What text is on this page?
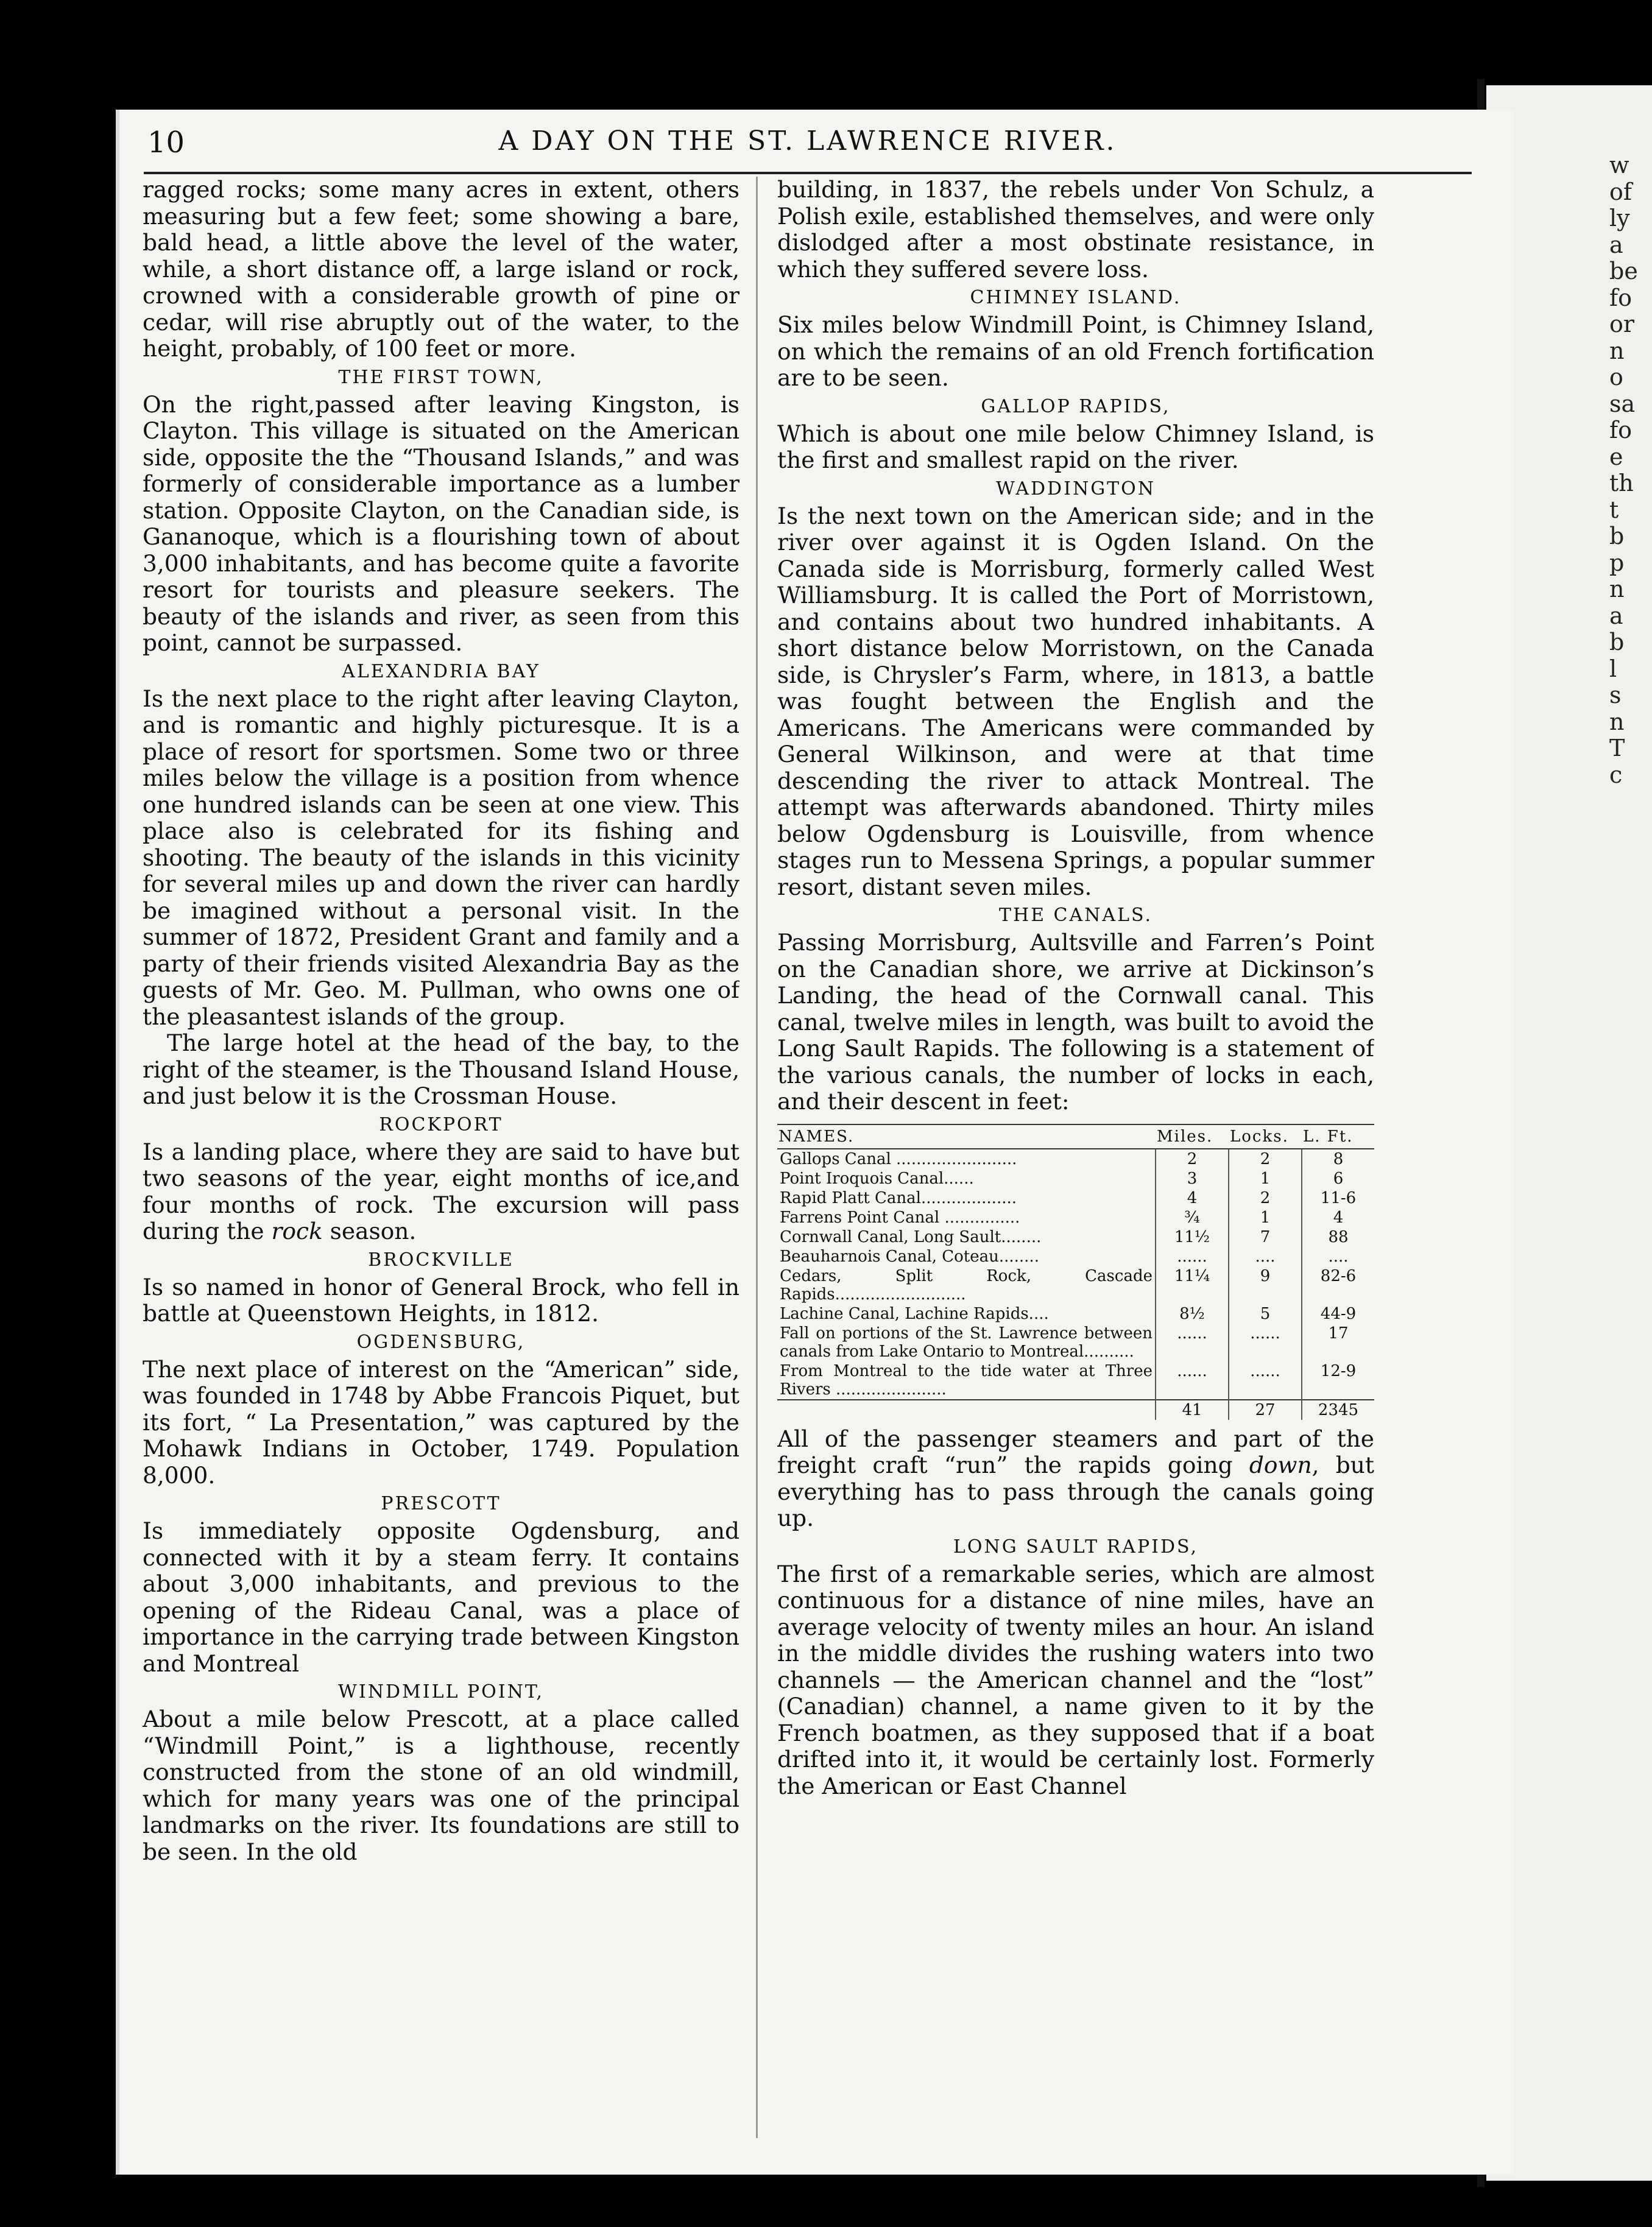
w
of
ly
a
be
fo
or
n
o
sa
fo
e
th
t
b
p
n
a
b
l
s
n
T
c
10	A DAY ON THE ST. LAWRENCE RIVER.

ragged rocks; some many acres in extent, others measuring but a few feet; some showing a bare, bald head, a little above the level of the water, while, a short distance off, a large island or rock, crowned with a considerable growth of pine or cedar, will rise abruptly out of the water, to the height, probably, of 100 feet or more.

THE FIRST TOWN,

On the right,passed after leaving Kingston, is Clayton. This village is situated on the American side, opposite the the “Thousand Islands,” and was formerly of considerable importance as a lumber station. Opposite Clayton, on the Canadian side, is Gananoque, which is a flourishing town of about 3,000 inhabitants, and has become quite a favorite resort for tourists and pleasure seekers. The beauty of the islands and river, as seen from this point, cannot be surpassed.

ALEXANDRIA BAY

Is the next place to the right after leaving Clayton, and is romantic and highly picturesque. It is a place of resort for sportsmen. Some two or three miles below the village is a position from whence one hundred islands can be seen at one view. This place also is celebrated for its fishing and shooting. The beauty of the islands in this vicinity for several miles up and down the river can hardly be imagined without a personal visit. In the summer of 1872, President Grant and family and a party of their friends visited Alexandria Bay as the guests of Mr. Geo. M. Pullman, who owns one of the pleasantest islands of the group.

The large hotel at the head of the bay, to the right of the steamer, is the Thousand Island House, and just below it is the Crossman House.

ROCKPORT

Is a landing place, where they are said to have but two seasons of the year, eight months of ice,and four months of rock. The excursion will pass during the rock season.

BROCKVILLE

Is so named in honor of General Brock, who fell in battle at Queenstown Heights, in 1812.

OGDENSBURG,

The next place of interest on the “American” side, was founded in 1748 by Abbe Francois Piquet, but its fort, “ La Presentation,” was captured by the Mohawk Indians in October, 1749. Population 8,000.

PRESCOTT

Is immediately opposite Ogdensburg, and connected with it by a steam ferry. It contains about 3,000 inhabitants, and previous to the opening of the Rideau Canal, was a place of importance in the carrying trade between Kingston and Montreal

WINDMILL POINT,

About a mile below Prescott, at a place called “Windmill Point,” is a lighthouse, recently constructed from the stone of an old windmill, which for many years was one of the principal landmarks on the river. Its foundations are still to be seen. In the old

building, in 1837, the rebels under Von Schulz, a Polish exile, established themselves, and were only dislodged after a most obstinate resistance, in which they suffered severe loss.

CHIMNEY ISLAND.

Six miles below Windmill Point, is Chimney Island, on which the remains of an old French fortification are to be seen.

GALLOP RAPIDS,

Which is about one mile below Chimney Island, is the first and smallest rapid on the river.

WADDINGTON

Is the next town on the American side; and in the river over against it is Ogden Island. On the Canada side is Morrisburg, formerly called West Williamsburg. It is called the Port of Morristown, and contains about two hundred inhabitants. A short distance below Morristown, on the Canada side, is Chrysler’s Farm, where, in 1813, a battle was fought between the English and the Americans. The Americans were commanded by General Wilkinson, and were at that time descending the river to attack Montreal. The attempt was afterwards abandoned. Thirty miles below Ogdensburg is Louisville, from whence stages run to Messena Springs, a popular summer resort, distant seven miles.

THE CANALS.

Passing Morrisburg, Aultsville and Farren’s Point on the Canadian shore, we arrive at Dickinson’s Landing, the head of the Cornwall canal. This canal, twelve miles in length, was built to avoid the Long Sault Rapids. The following is a statement of the various canals, the number of locks in each, and their descent in feet:

NAMES.	Miles.	Locks.	L. Ft.
Gallops Canal ........................	2	2	8
Point Iroquois Canal......	3	1	6
Rapid Platt Canal...................	4	2	11-6
Farrens Point Canal ...............	¾	1	4
Cornwall Canal, Long Sault........	11½	7	88
Beauharnois Canal, Coteau........	......	....	....
Cedars, Split Rock, Cascade Rapids..........................	11¼	9	82-6
Lachine Canal, Lachine Rapids....	8½	5	44-9
Fall on portions of the St. Lawrence between canals from Lake Ontario to Montreal..........	......	......	17
From Montreal to the tide water at Three Rivers ......................	......	......	12-9
	41	27	2345

All of the passenger steamers and part of the freight craft “run” the rapids going down, but everything has to pass through the canals going up.

LONG SAULT RAPIDS,

The first of a remarkable series, which are almost continuous for a distance of nine miles, have an average velocity of twenty miles an hour. An island in the middle divides the rushing waters into two channels — the American channel and the “lost” (Canadian) channel, a name given to it by the French boatmen, as they supposed that if a boat drifted into it, it would be certainly lost. Formerly the American or East Channel
